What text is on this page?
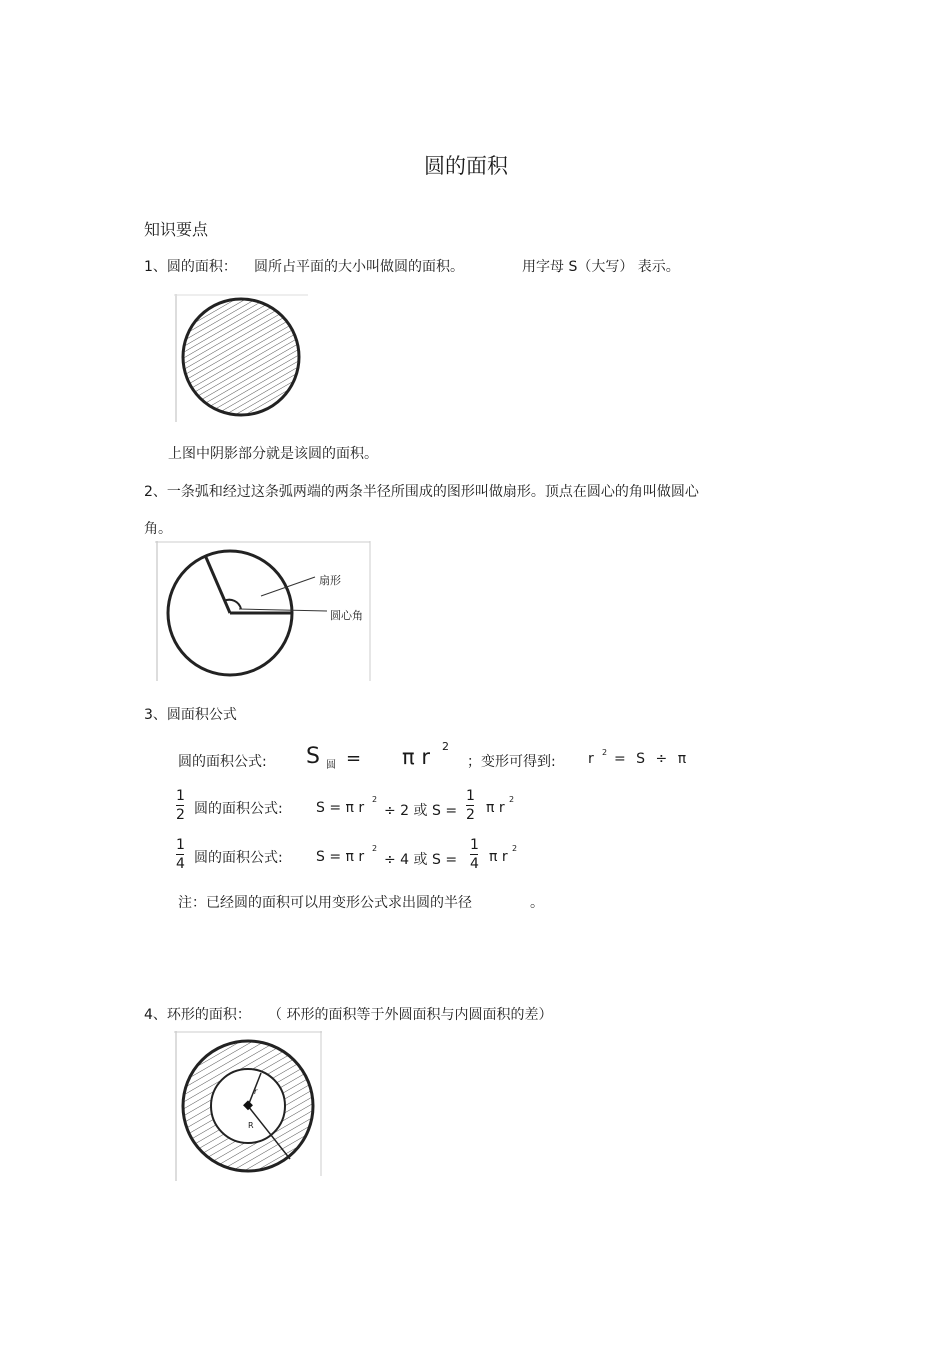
圆的面积
知识要点
1、圆的面积： 圆所占平面的大小叫做圆的面积。	用字母 S（大写） 表示。
上图中阴影部分就是该圆的面积。
2、一条弧和经过这条弧两端的两条半径所围成的图形叫做扇形。顶点在圆心的角叫做圆心
角。
扇形
圆心角
3、圆面积公式
圆的面积公式: S 圆 = π r 2
；变形可得到: r 2 = S ÷ π
1
2 圆的面积公式: S = π r
2
÷ 2 或 S =
1
2 π r
2
1
4 圆的面积公式: S = π r
2
÷ 4 或 S =
1
4 π r
2
注：已经圆的面积可以用变形公式求出圆的半径	。
4、环形的面积： （ 环形的面积等于外圆面积与内圆面积的差）
r
R
